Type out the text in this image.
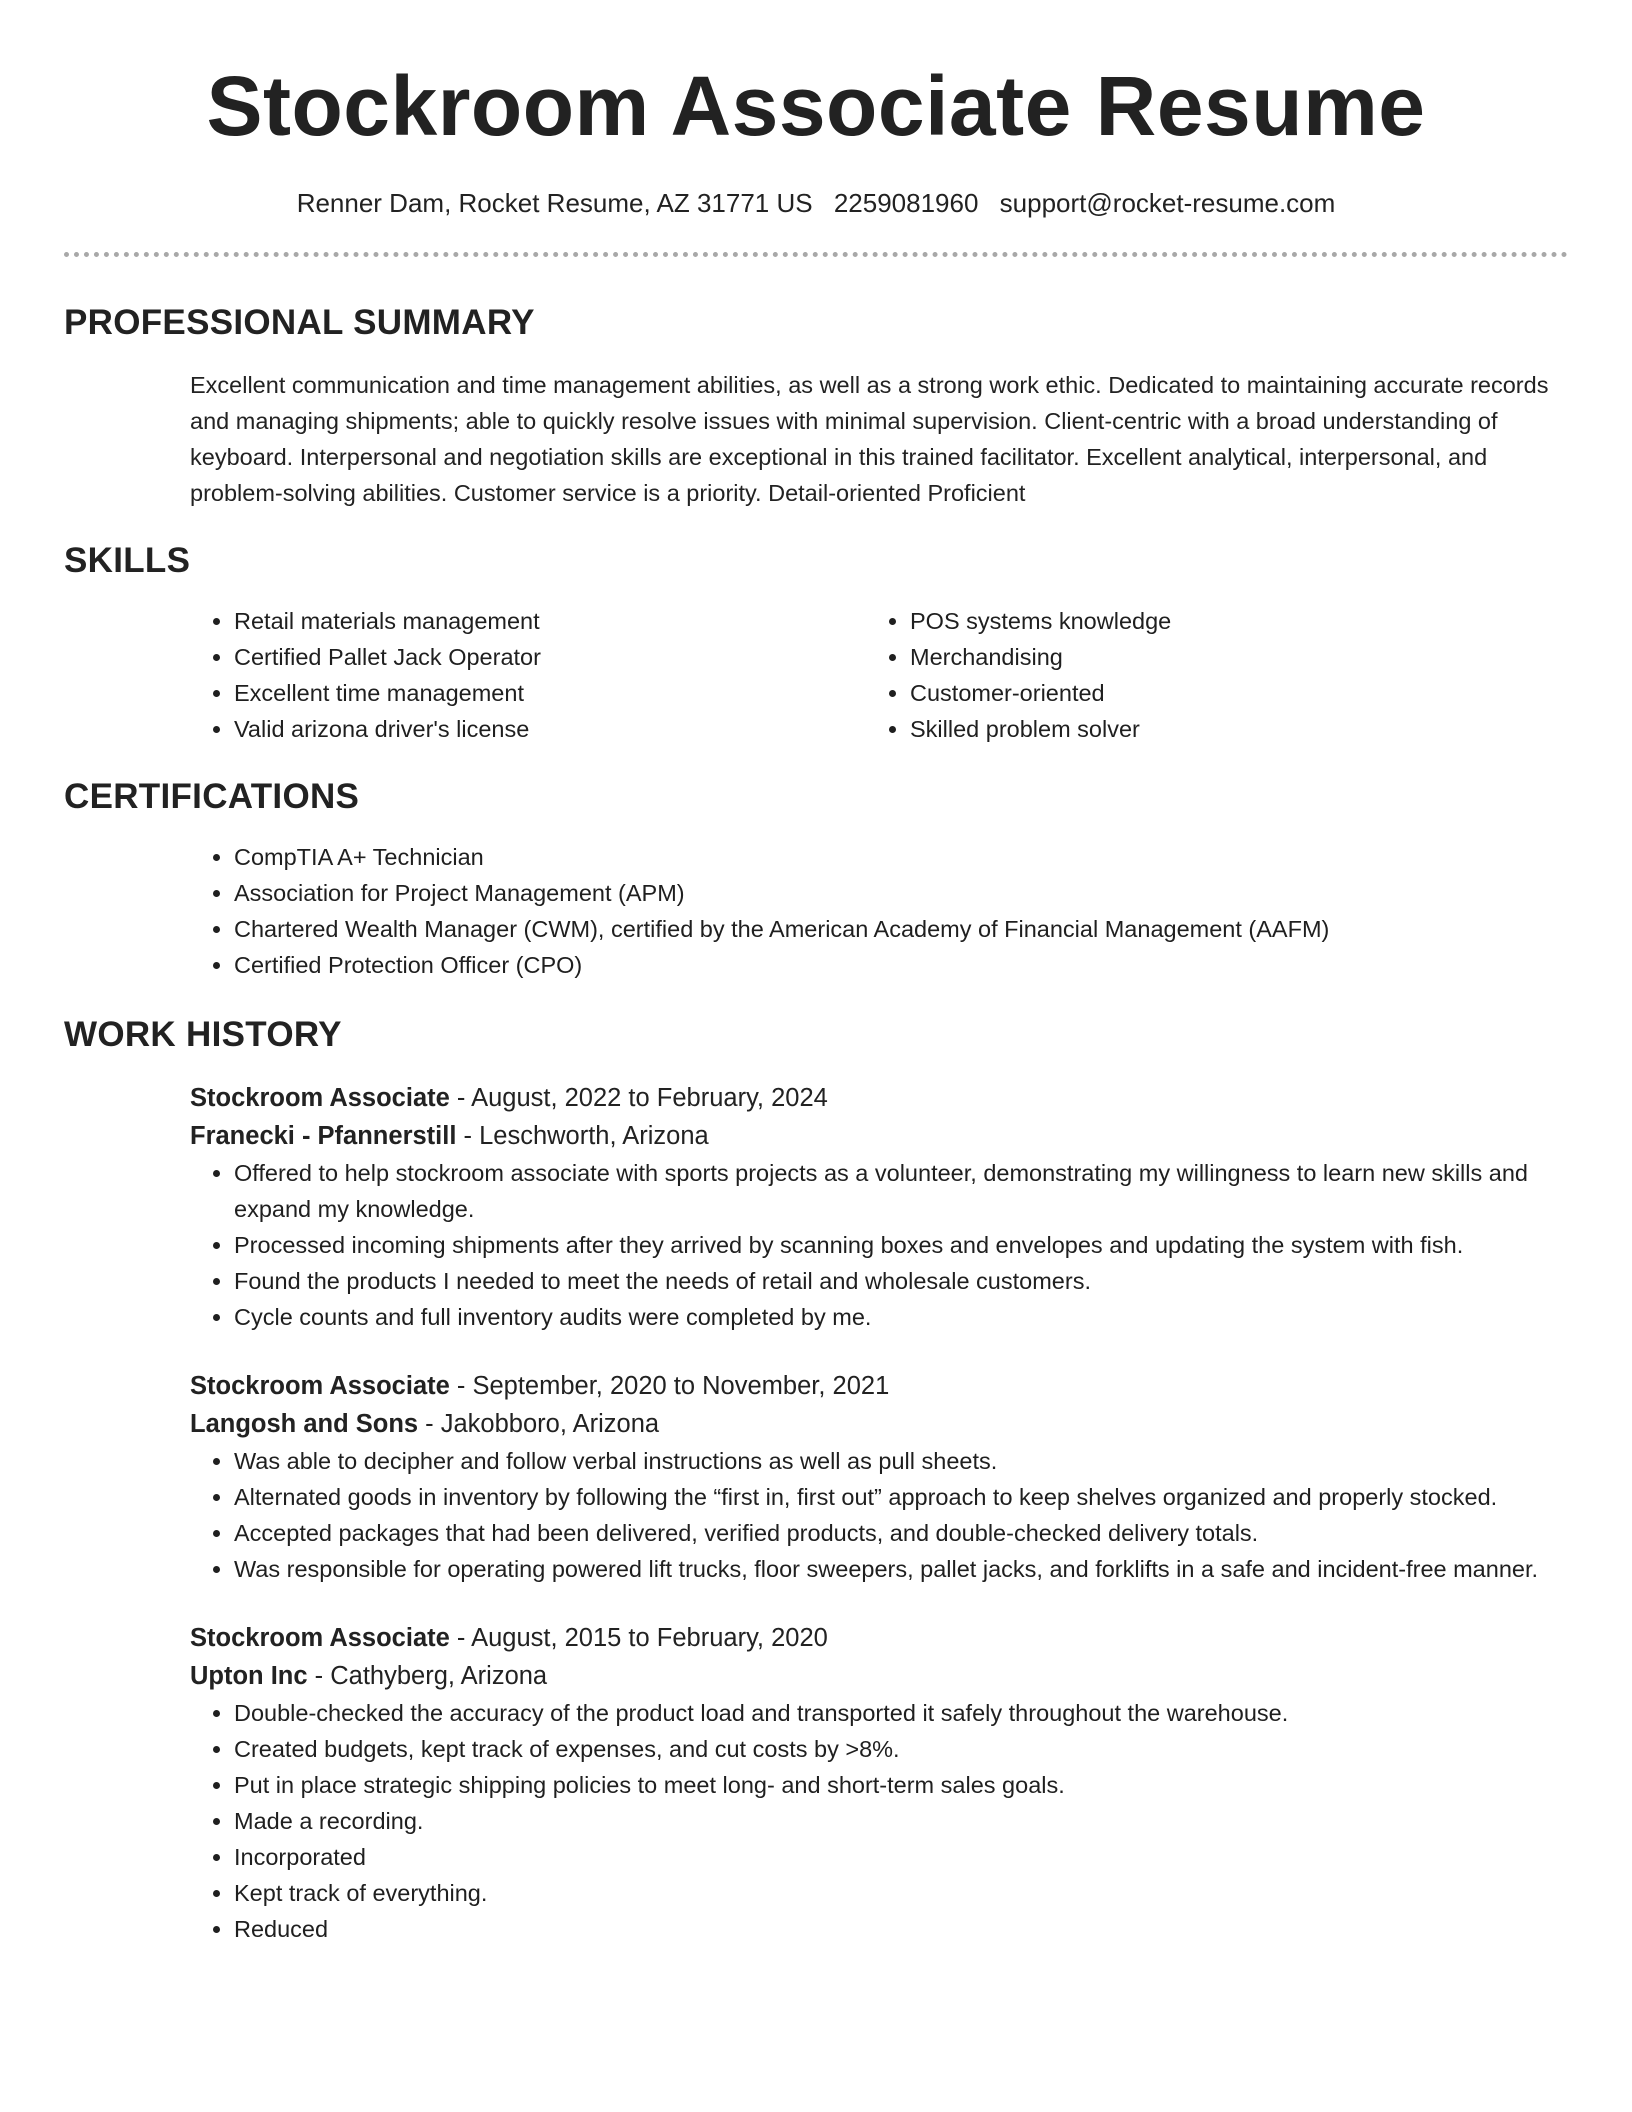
Stockroom Associate Resume
Renner Dam, Rocket Resume, AZ 31771 US 2259081960 support@rocket-resume.com
PROFESSIONAL SUMMARY
Excellent communication and time management abilities, as well as a strong work ethic. Dedicated to maintaining accurate records and managing shipments; able to quickly resolve issues with minimal supervision. Client-centric with a broad understanding of keyboard. Interpersonal and negotiation skills are exceptional in this trained facilitator. Excellent analytical, interpersonal, and problem-solving abilities. Customer service is a priority. Detail-oriented Proficient
SKILLS
• Retail materials management
• Certified Pallet Jack Operator
• Excellent time management
• Valid arizona driver's license
• POS systems knowledge
• Merchandising
• Customer-oriented
• Skilled problem solver
CERTIFICATIONS
• CompTIA A+ Technician
• Association for Project Management (APM)
• Chartered Wealth Manager (CWM), certified by the American Academy of Financial Management (AAFM)
• Certified Protection Officer (CPO)
WORK HISTORY
Stockroom Associate - August, 2022 to February, 2024
Franecki - Pfannerstill - Leschworth, Arizona
• Offered to help stockroom associate with sports projects as a volunteer, demonstrating my willingness to learn new skills and expand my knowledge.
• Processed incoming shipments after they arrived by scanning boxes and envelopes and updating the system with fish.
• Found the products I needed to meet the needs of retail and wholesale customers.
• Cycle counts and full inventory audits were completed by me.
Stockroom Associate - September, 2020 to November, 2021
Langosh and Sons - Jakobboro, Arizona
• Was able to decipher and follow verbal instructions as well as pull sheets.
• Alternated goods in inventory by following the “first in, first out” approach to keep shelves organized and properly stocked.
• Accepted packages that had been delivered, verified products, and double-checked delivery totals.
• Was responsible for operating powered lift trucks, floor sweepers, pallet jacks, and forklifts in a safe and incident-free manner.
Stockroom Associate - August, 2015 to February, 2020
Upton Inc - Cathyberg, Arizona
• Double-checked the accuracy of the product load and transported it safely throughout the warehouse.
• Created budgets, kept track of expenses, and cut costs by >8%.
• Put in place strategic shipping policies to meet long- and short-term sales goals.
• Made a recording.
• Incorporated
• Kept track of everything.
• Reduced
